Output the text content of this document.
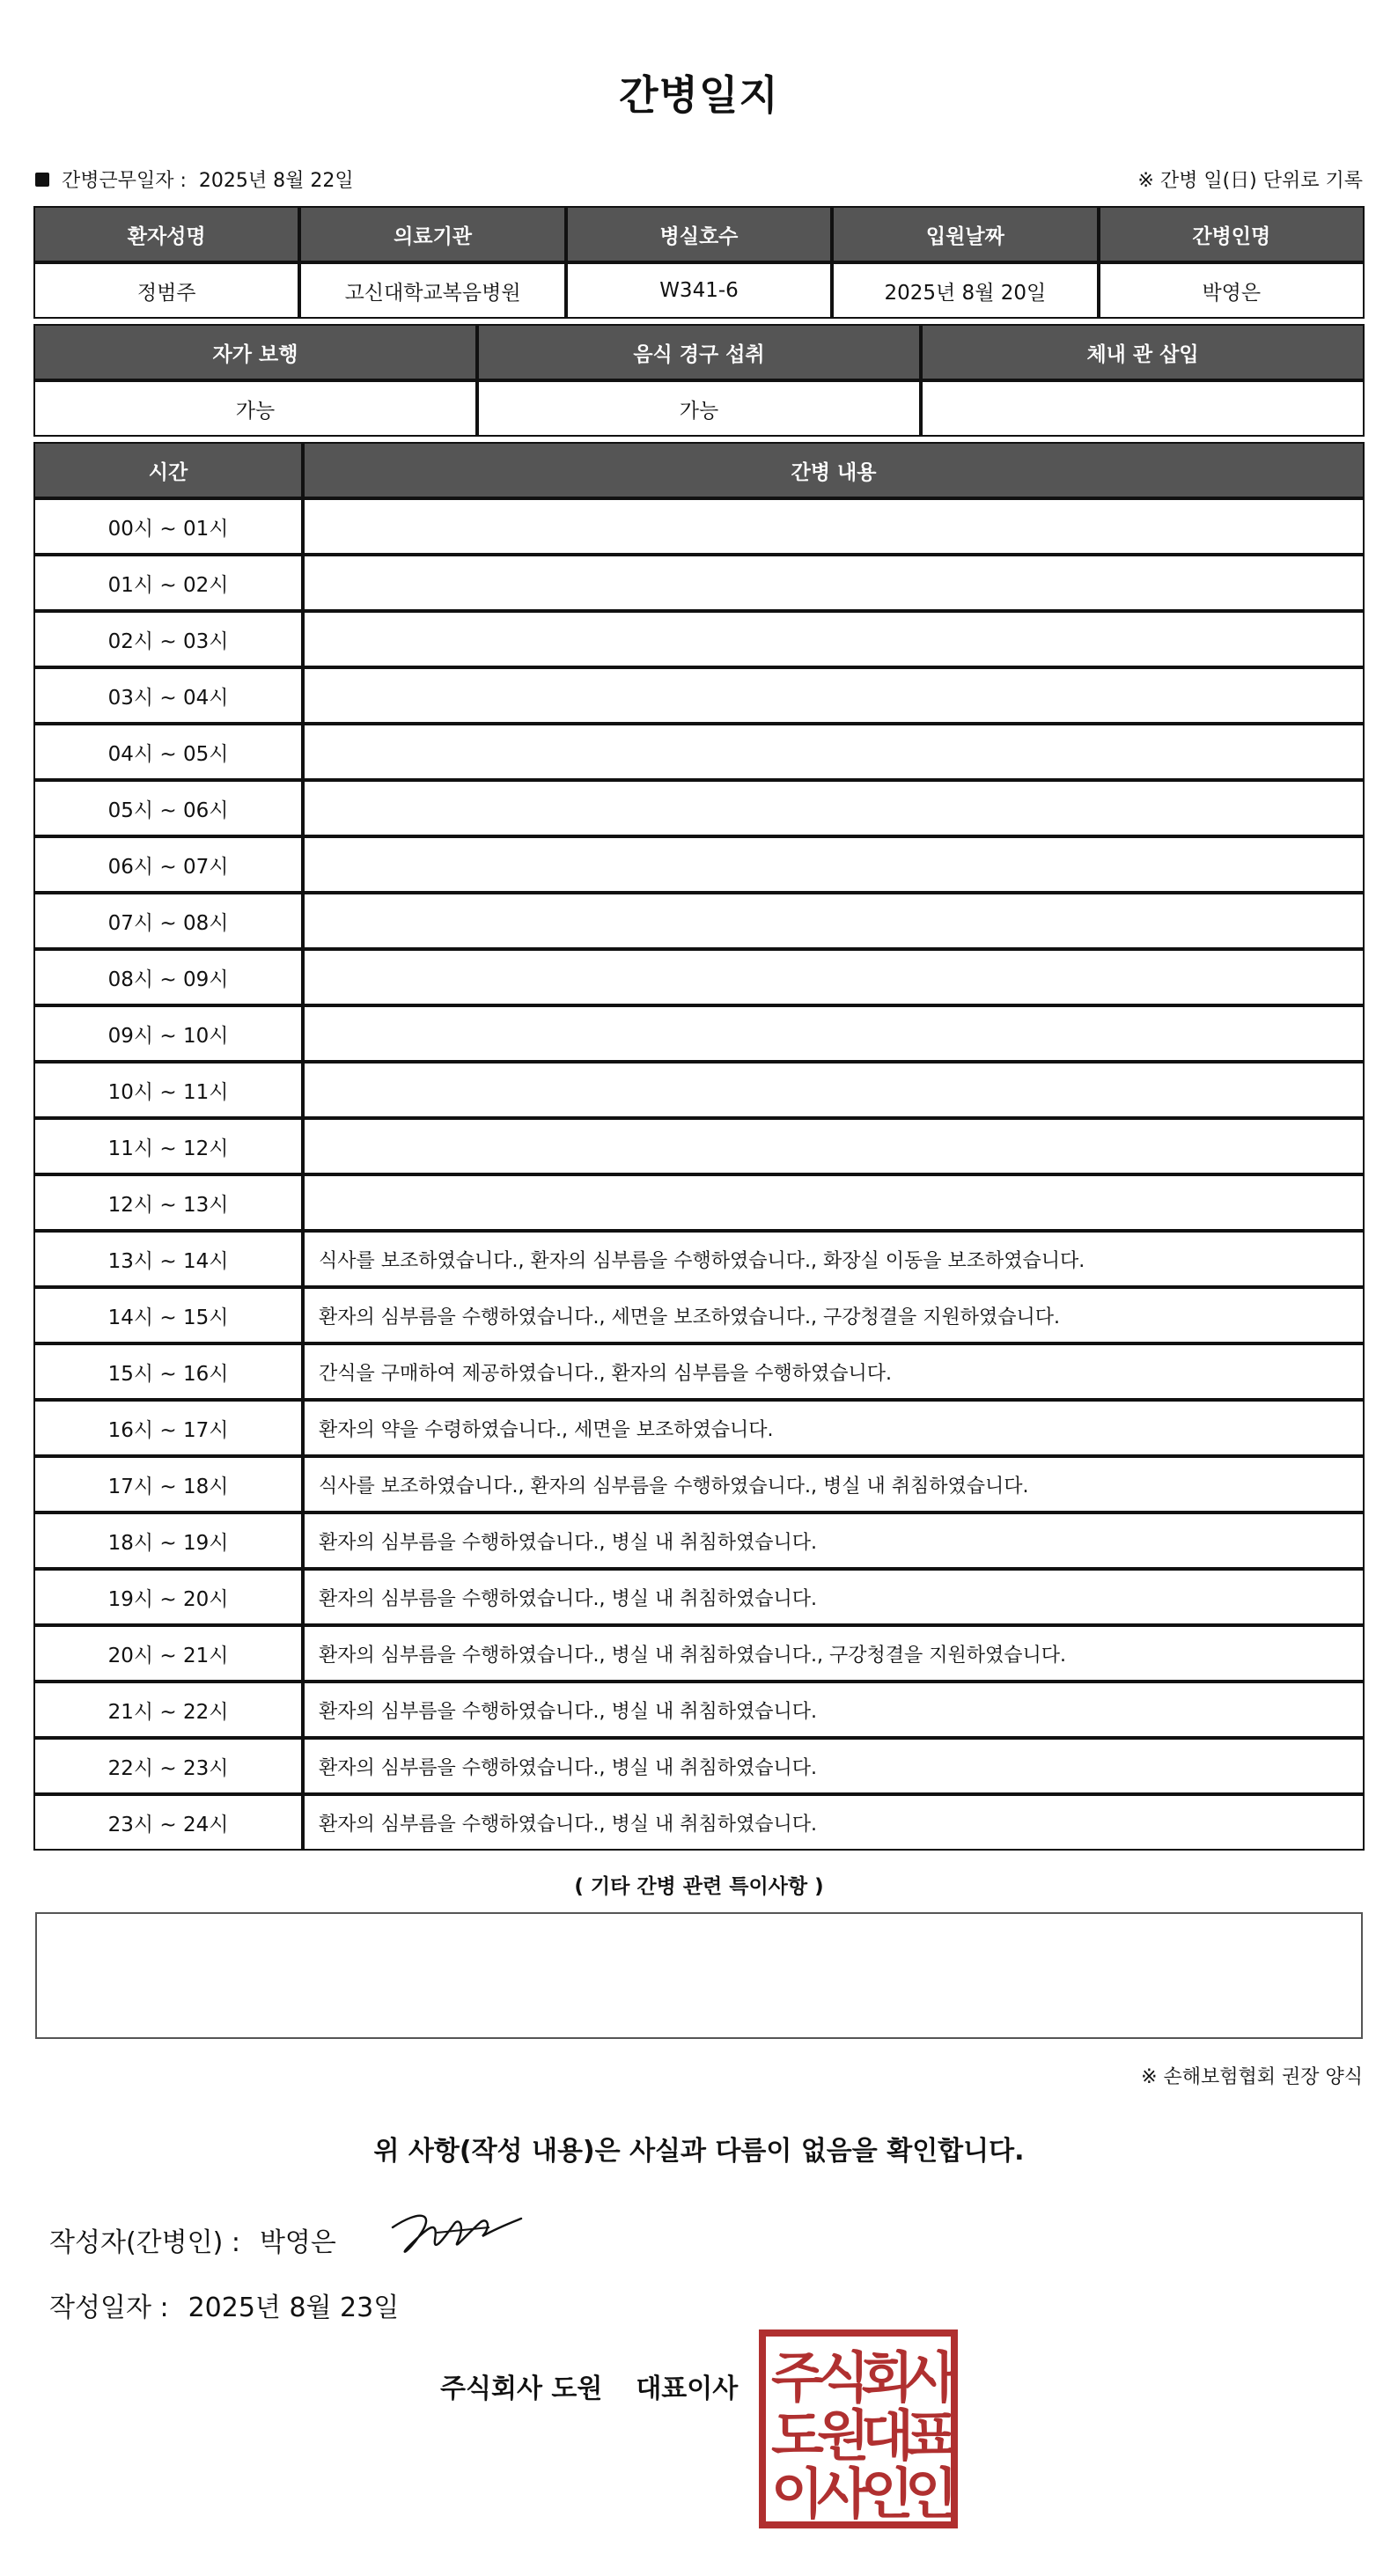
간병일지
간병근무일자 : 2025년 8월 22일	※ 간병 일(日) 단위로 기록
환자성명	의료기관	병실호수	입원날짜	간병인명
정범주	고신대학교복음병원	W341-6	2025년 8월 20일	박영은
자가 보행	음식 경구 섭취	체내 관 삽입
가능	가능	
시간	간병 내용
00시 ~ 01시	
01시 ~ 02시	
02시 ~ 03시	
03시 ~ 04시	
04시 ~ 05시	
05시 ~ 06시	
06시 ~ 07시	
07시 ~ 08시	
08시 ~ 09시	
09시 ~ 10시	
10시 ~ 11시	
11시 ~ 12시	
12시 ~ 13시	
13시 ~ 14시	식사를 보조하였습니다., 환자의 심부름을 수행하였습니다., 화장실 이동을 보조하였습니다.
14시 ~ 15시	환자의 심부름을 수행하였습니다., 세면을 보조하였습니다., 구강청결을 지원하였습니다.
15시 ~ 16시	간식을 구매하여 제공하였습니다., 환자의 심부름을 수행하였습니다.
16시 ~ 17시	환자의 약을 수령하였습니다., 세면을 보조하였습니다.
17시 ~ 18시	식사를 보조하였습니다., 환자의 심부름을 수행하였습니다., 병실 내 취침하였습니다.
18시 ~ 19시	환자의 심부름을 수행하였습니다., 병실 내 취침하였습니다.
19시 ~ 20시	환자의 심부름을 수행하였습니다., 병실 내 취침하였습니다.
20시 ~ 21시	환자의 심부름을 수행하였습니다., 병실 내 취침하였습니다., 구강청결을 지원하였습니다.
21시 ~ 22시	환자의 심부름을 수행하였습니다., 병실 내 취침하였습니다.
22시 ~ 23시	환자의 심부름을 수행하였습니다., 병실 내 취침하였습니다.
23시 ~ 24시	환자의 심부름을 수행하였습니다., 병실 내 취침하였습니다.
( 기타 간병 관련 특이사항 )
※ 손해보험협회 권장 양식
위 사항(작성 내용)은 사실과 다름이 없음을 확인합니다.
작성자(간병인) : 박영은
작성일자 : 2025년 8월 23일
주식회사 도원 대표이사 주
식
회
사
도
원
대
표
이
사
인
인
